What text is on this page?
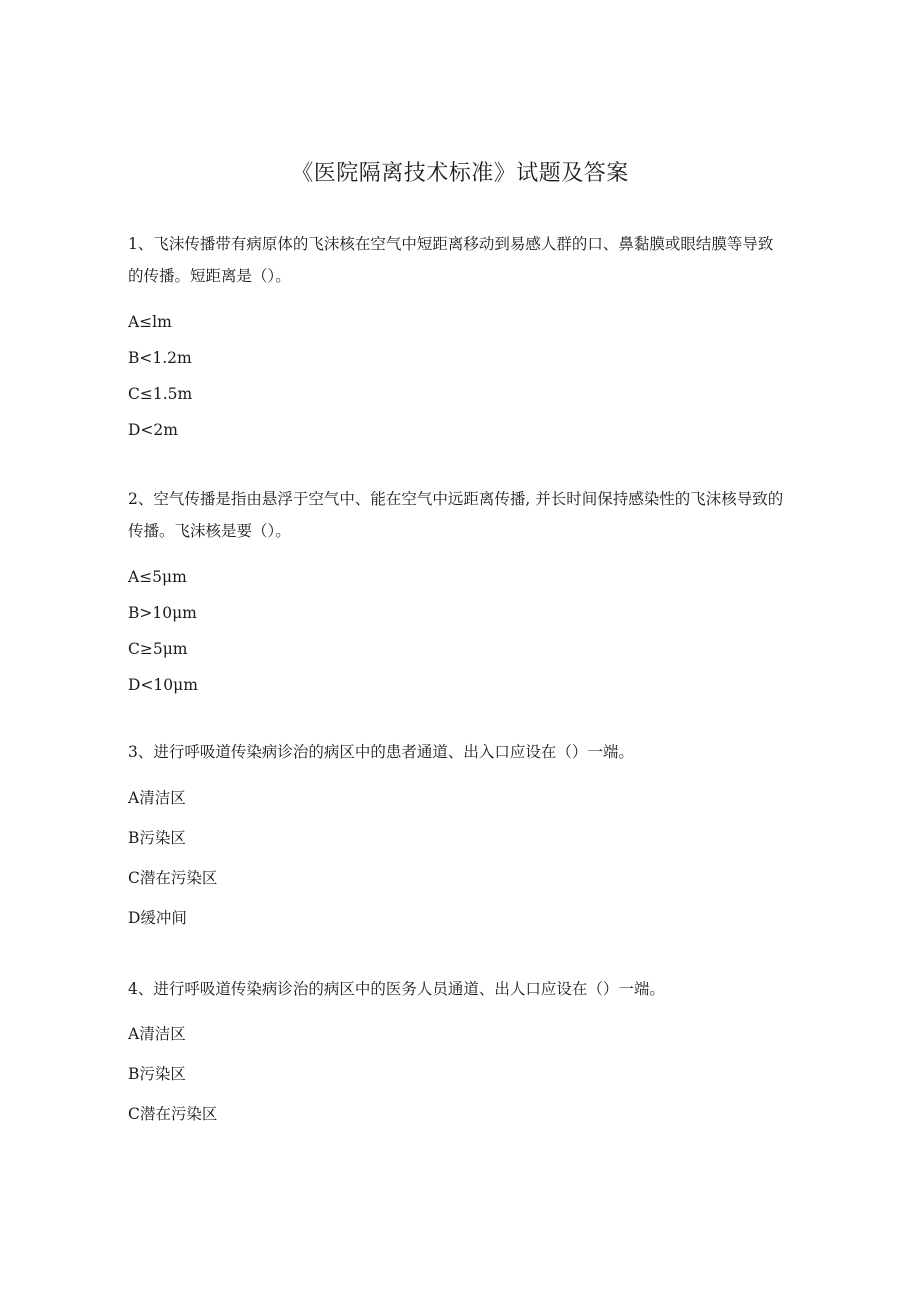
《医院隔离技术标准》试题及答案
1、飞沫传播带有病原体的飞沫核在空气中短距离移动到易感人群的口、鼻黏膜或眼结膜等导致的传播。短距离是（）。
A≤lm
B<1.2m
C≤1.5m
D<2m
2、空气传播是指由悬浮于空气中、能在空气中远距离传播, 并长时间保持感染性的飞沫核导致的传播。飞沫核是要（）。
A≤5μm
B>10μm
C≥5μm
D<10μm
3、进行呼吸道传染病诊治的病区中的患者通道、出入口应设在（）一端。
A清洁区
B污染区
C潜在污染区
D缓冲间
4、进行呼吸道传染病诊治的病区中的医务人员通道、出人口应设在（）一端。
A清洁区
B污染区
C潜在污染区
